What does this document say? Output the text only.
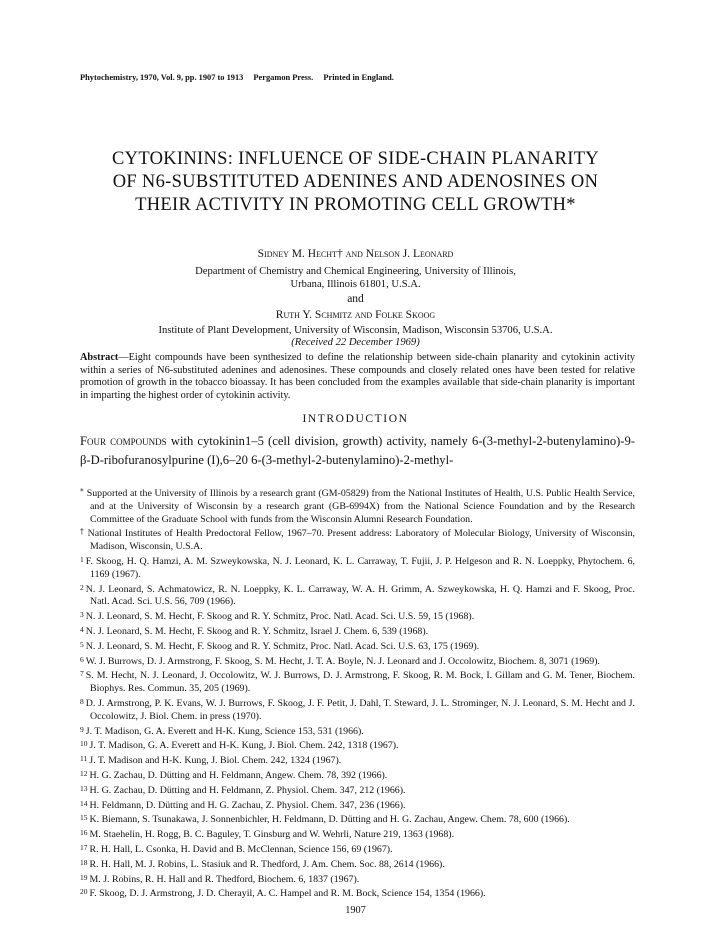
Phytochemistry, 1970, Vol. 9, pp. 1907 to 1913 Pergamon Press. Printed in England.
CYTOKININS: INFLUENCE OF SIDE-CHAIN PLANARITY
OF N6-SUBSTITUTED ADENINES AND ADENOSINES ON
THEIR ACTIVITY IN PROMOTING CELL GROWTH*
Sidney M. Hecht† and Nelson J. Leonard
Department of Chemistry and Chemical Engineering, University of Illinois,
Urbana, Illinois 61801, U.S.A.
and
Ruth Y. Schmitz and Folke Skoog
Institute of Plant Development, University of Wisconsin, Madison, Wisconsin 53706, U.S.A.
(Received 22 December 1969)
Abstract—Eight compounds have been synthesized to define the relationship between side-chain planarity and cytokinin activity within a series of N6-substituted adenines and adenosines. These compounds and closely related ones have been tested for relative promotion of growth in the tobacco bioassay. It has been concluded from the examples available that side-chain planarity is important in imparting the highest order of cytokinin activity.
INTRODUCTION
Four compounds with cytokinin1–5 (cell division, growth) activity, namely 6-(3-methyl-2-butenylamino)-9-β-D-ribofuranosylpurine (I),6–20 6-(3-methyl-2-butenylamino)-2-methyl-
* Supported at the University of Illinois by a research grant (GM-05829) from the National Institutes of Health, U.S. Public Health Service, and at the University of Wisconsin by a research grant (GB-6994X) from the National Science Foundation and by the Research Committee of the Graduate School with funds from the Wisconsin Alumni Research Foundation.
† National Institutes of Health Predoctoral Fellow, 1967–70. Present address: Laboratory of Molecular Biology, University of Wisconsin, Madison, Wisconsin, U.S.A.
$^1$ F. Skoog, H. Q. Hamzi, A. M. Szweykowska, N. J. Leonard, K. L. Carraway, T. Fujii, J. P. Helgeson and R. N. Loeppky, Phytochem. 6, 1169 (1967).
$^2$ N. J. Leonard, S. Achmatowicz, R. N. Loeppky, K. L. Carraway, W. A. H. Grimm, A. Szweykowska, H. Q. Hamzi and F. Skoog, Proc. Natl. Acad. Sci. U.S. 56, 709 (1966).
$^3$ N. J. Leonard, S. M. Hecht, F. Skoog and R. Y. Schmitz, Proc. Natl. Acad. Sci. U.S. 59, 15 (1968).
$^4$ N. J. Leonard, S. M. Hecht, F. Skoog and R. Y. Schmitz, Israel J. Chem. 6, 539 (1968).
$^5$ N. J. Leonard, S. M. Hecht, F. Skoog and R. Y. Schmitz, Proc. Natl. Acad. Sci. U.S. 63, 175 (1969).
$^6$ W. J. Burrows, D. J. Armstrong, F. Skoog, S. M. Hecht, J. T. A. Boyle, N. J. Leonard and J. Occolowitz, Biochem. 8, 3071 (1969).
$^7$ S. M. Hecht, N. J. Leonard, J. Occolowitz, W. J. Burrows, D. J. Armstrong, F. Skoog, R. M. Bock, I. Gillam and G. M. Tener, Biochem. Biophys. Res. Commun. 35, 205 (1969).
$^8$ D. J. Armstrong, P. K. Evans, W. J. Burrows, F. Skoog, J. F. Petit, J. Dahl, T. Steward, J. L. Strominger, N. J. Leonard, S. M. Hecht and J. Occolowitz, J. Biol. Chem. in press (1970).
$^9$ J. T. Madison, G. A. Everett and H-K. Kung, Science 153, 531 (1966).
$^{10}$ J. T. Madison, G. A. Everett and H-K. Kung, J. Biol. Chem. 242, 1318 (1967).
$^{11}$ J. T. Madison and H-K. Kung, J. Biol. Chem. 242, 1324 (1967).
$^{12}$ H. G. Zachau, D. Dütting and H. Feldmann, Angew. Chem. 78, 392 (1966).
$^{13}$ H. G. Zachau, D. Dütting and H. Feldmann, Z. Physiol. Chem. 347, 212 (1966).
$^{14}$ H. Feldmann, D. Dütting and H. G. Zachau, Z. Physiol. Chem. 347, 236 (1966).
$^{15}$ K. Biemann, S. Tsunakawa, J. Sonnenbichler, H. Feldmann, D. Dütting and H. G. Zachau, Angew. Chem. 78, 600 (1966).
$^{16}$ M. Staehelin, H. Rogg, B. C. Baguley, T. Ginsburg and W. Wehrli, Nature 219, 1363 (1968).
$^{17}$ R. H. Hall, L. Csonka, H. David and B. McClennan, Science 156, 69 (1967).
$^{18}$ R. H. Hall, M. J. Robins, L. Stasiuk and R. Thedford, J. Am. Chem. Soc. 88, 2614 (1966).
$^{19}$ M. J. Robins, R. H. Hall and R. Thedford, Biochem. 6, 1837 (1967).
$^{20}$ F. Skoog, D. J. Armstrong, J. D. Cherayil, A. C. Hampel and R. M. Bock, Science 154, 1354 (1966).
1907
